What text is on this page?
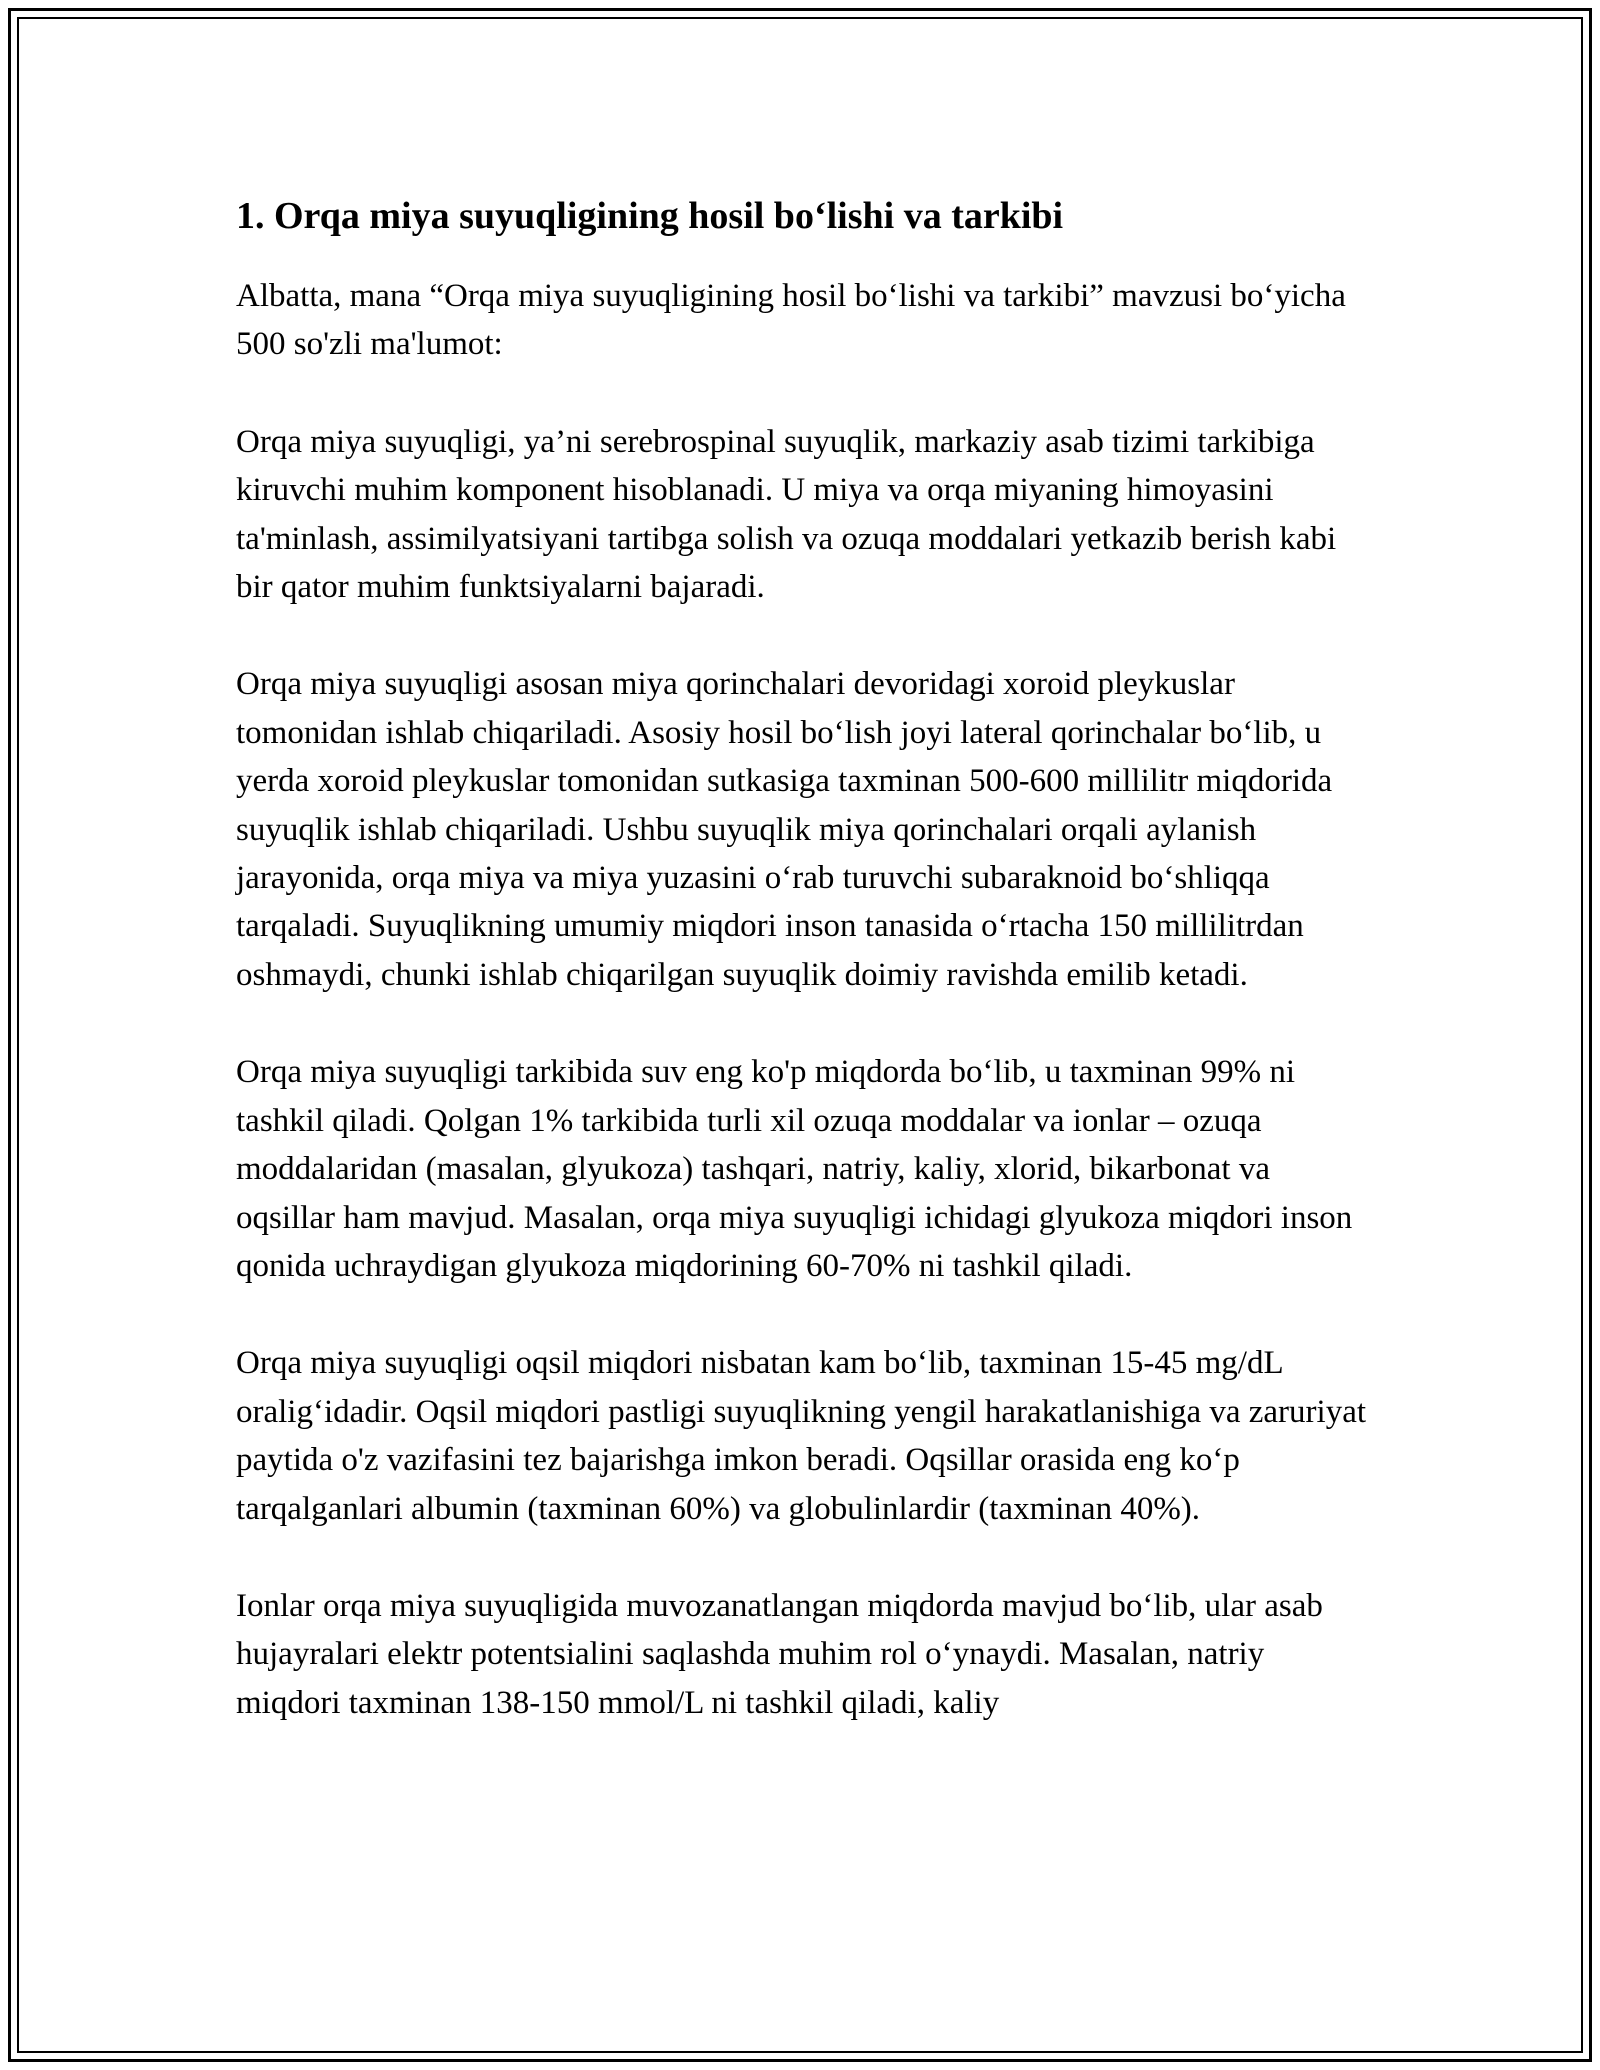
1. Orqa miya suyuqligining hosil bo‘lishi va tarkibi

Albatta, mana “Orqa miya suyuqligining hosil bo‘lishi va tarkibi” mavzusi bo‘yicha 500 so'zli ma'lumot:

Orqa miya suyuqligi, ya’ni serebrospinal suyuqlik, markaziy asab tizimi tarkibiga kiruvchi muhim komponent hisoblanadi. U miya va orqa miyaning himoyasini ta'minlash, assimilyatsiyani tartibga solish va ozuqa moddalari yetkazib berish kabi bir qator muhim funktsiyalarni bajaradi.

Orqa miya suyuqligi asosan miya qorinchalari devoridagi xoroid pleykuslar tomonidan ishlab chiqariladi. Asosiy hosil bo‘lish joyi lateral qorinchalar bo‘lib, u yerda xoroid pleykuslar tomonidan sutkasiga taxminan 500-600 millilitr miqdorida suyuqlik ishlab chiqariladi. Ushbu suyuqlik miya qorinchalari orqali aylanish jarayonida, orqa miya va miya yuzasini o‘rab turuvchi subaraknoid bo‘shliqqa tarqaladi. Suyuqlikning umumiy miqdori inson tanasida o‘rtacha 150 millilitrdan oshmaydi, chunki ishlab chiqarilgan suyuqlik doimiy ravishda emilib ketadi.

Orqa miya suyuqligi tarkibida suv eng ko'p miqdorda bo‘lib, u taxminan 99% ni tashkil qiladi. Qolgan 1% tarkibida turli xil ozuqa moddalar va ionlar – ozuqa moddalaridan (masalan, glyukoza) tashqari, natriy, kaliy, xlorid, bikarbonat va oqsillar ham mavjud. Masalan, orqa miya suyuqligi ichidagi glyukoza miqdori inson qonida uchraydigan glyukoza miqdorining 60-70% ni tashkil qiladi.

Orqa miya suyuqligi oqsil miqdori nisbatan kam bo‘lib, taxminan 15-45 mg/dL oralig‘idadir. Oqsil miqdori pastligi suyuqlikning yengil harakatlanishiga va zaruriyat paytida o'z vazifasini tez bajarishga imkon beradi. Oqsillar orasida eng ko‘p tarqalganlari albumin (taxminan 60%) va globulinlardir (taxminan 40%).

Ionlar orqa miya suyuqligida muvozanatlangan miqdorda mavjud bo‘lib, ular asab hujayralari elektr potentsialini saqlashda muhim rol o‘ynaydi. Masalan, natriy miqdori taxminan 138-150 mmol/L ni tashkil qiladi, kaliy
